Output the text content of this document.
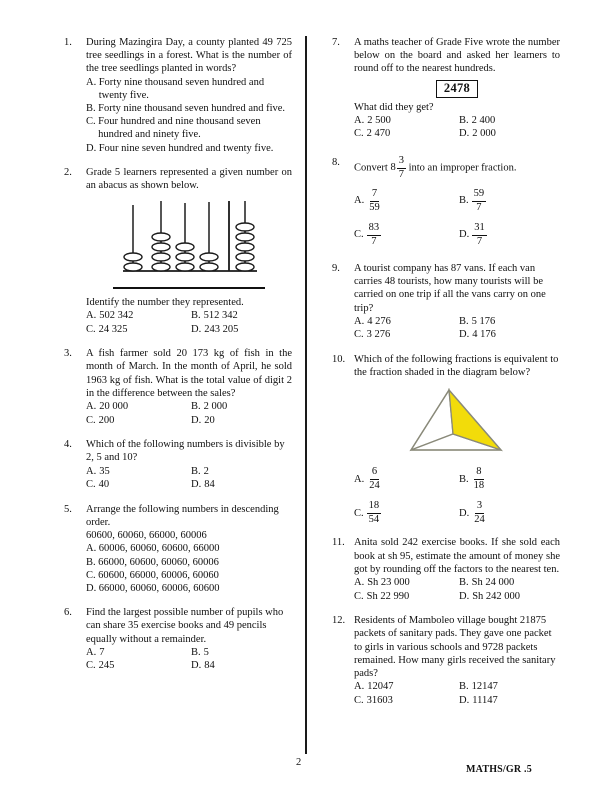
1.	During Mazingira Day, a county planted 49 725 tree seedlings in a forest. What is the number of the tree seedlings planted in words?

A. Forty nine thousand seven hundred and twenty five.
B. Forty nine thousand seven hundred and five.
C. Four hundred and nine thousand seven hundred and ninety five.
D. Four nine seven hundred and twenty five.
2.	Grade 5 learners represented a given number on an abacus as shown below.

Identify the number they represented.

A. 502 342	B. 512 342
C. 24 325	D. 243 205
3.	A fish farmer sold 20 173 kg of fish in the month of March. In the month of April, he sold 1963 kg of fish. What is the total value of digit 2 in the difference between the sales?

A. 20 000	B. 2 000
C. 200	D. 20
4.	Which of the following numbers is divisible by 2, 5 and 10?

A. 35	B. 2
C. 40	D. 84
5.	Arrange the following numbers in descending order.

60600, 60060, 66000, 60006

A. 60006, 60060, 60600, 66000
B. 66000, 60600, 60060, 60006
C. 60600, 66000, 60006, 60060
D. 66000, 60060, 60006, 60600
6.	Find the largest possible number of pupils who can share 35 exercise books and 49 pencils equally without a remainder.

A. 7	B. 5
C. 245	D. 84
7.	A maths teacher of Grade Five wrote the number below on the board and asked her learners to round off to the nearest hundreds.

2478

What did they get?

A. 2 500	B. 2 400
C. 2 470	D. 2 000
8.	Convert $8 \frac{3}{7}$ into an improper fraction.

A. $\frac{7}{59}$	B. $\frac{59}{7}$
C. $\frac{83}{7}$	D. $\frac{31}{7}$
9.	A tourist company has 87 vans. If each van carries 48 tourists, how many tourists will be carried on one trip if all the vans carry on one trip?

A. 4 276	B. 5 176
C. 3 276	D. 4 176
10. Which of the following fractions is equivalent to the fraction shaded in the diagram below?

A. $\frac{6}{24}$	B. $\frac{8}{18}$
C. $\frac{18}{54}$	D. $\frac{3}{24}$
11. Anita sold 242 exercise books. If she sold each book at sh 95, estimate the amount of money she got by rounding off the factors to the nearest ten.

A. Sh 23 000	B. Sh 24 000
C. Sh 22 990	D. Sh 242 000
12. Residents of Mamboleo village bought 21875 packets of sanitary pads. They gave one packet to girls in various schools and 9728 packets remained. How many girls received the sanitary pads?

A. 12047	B. 12147
C. 31603	D. 11147
2
MATHS/GR .5
